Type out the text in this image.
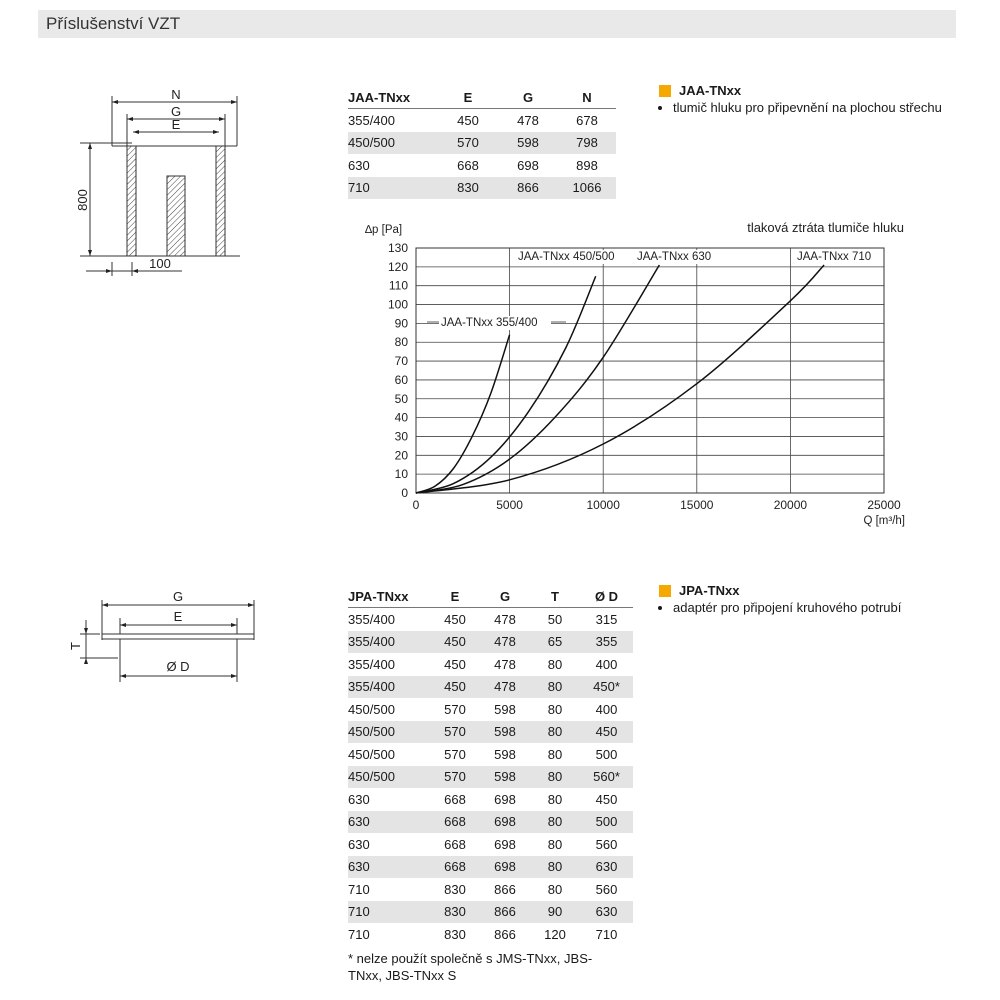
Příslušenství VZT
N
G
E
800
100
JAA-TNxx	E	G	N
355/400	450	478	678
450/500	570	598	798
630	668	698	898
710	830	866	1066
JAA-TNxx
• tlumič hluku pro připevnění na plochou střechu
0
10
20
30
40
50
60
70
80
90
100
110
120
130
0	5000	10000	15000	20000	25000
JAA-TNxx 355/400
JAA-TNxx 450/500 JAA-TNxx 630	JAA-TNxx 710
∆p [Pa]
Q [m³/h]
tlaková ztráta tlumiče hluku
G
E
T
Ø D
JPA-TNxx	E	G	T	Ø D
355/400	450	478	50	315
355/400	450	478	65	355
355/400	450	478	80	400
355/400	450	478	80	450*
450/500	570	598	80	400
450/500	570	598	80	450
450/500	570	598	80	500
450/500	570	598	80	560*
630	668	698	80	450
630	668	698	80	500
630	668	698	80	560
630	668	698	80	630
710	830	866	80	560
710	830	866	90	630
710	830	866	120	710
* nelze použít společně s JMS-TNxx, JBS-TNxx, JBS-TNxx S
JPA-TNxx
• adaptér pro připojení kruhového potrubí
